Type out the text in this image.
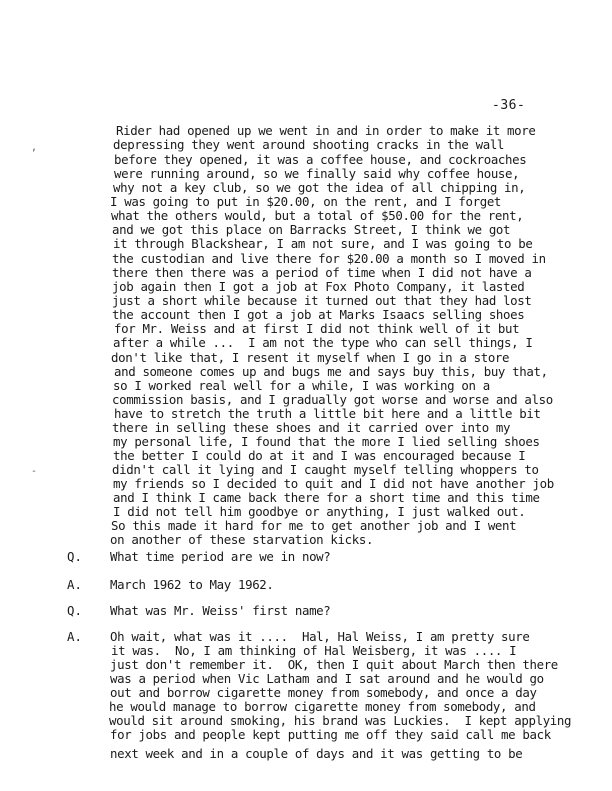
-36-
,
-
Rider had opened up we went in and in order to make it more
depressing they went around shooting cracks in the wall
before they opened, it was a coffee house, and cockroaches
were running around, so we finally said why coffee house,
why not a key club, so we got the idea of all chipping in,
I was going to put in $20.00, on the rent, and I forget
what the others would, but a total of $50.00 for the rent,
and we got this place on Barracks Street, I think we got
it through Blackshear, I am not sure, and I was going to be
the custodian and live there for $20.00 a month so I moved in
there then there was a period of time when I did not have a
job again then I got a job at Fox Photo Company, it lasted
just a short while because it turned out that they had lost
the account then I got a job at Marks Isaacs selling shoes
for Mr. Weiss and at first I did not think well of it but
after a while ...  I am not the type who can sell things, I
don't like that, I resent it myself when I go in a store
and someone comes up and bugs me and says buy this, buy that,
so I worked real well for a while, I was working on a
commission basis, and I gradually got worse and worse and also
have to stretch the truth a little bit here and a little bit
there in selling these shoes and it carried over into my
my personal life, I found that the more I lied selling shoes
the better I could do at it and I was encouraged because I
didn't call it lying and I caught myself telling whoppers to
my friends so I decided to quit and I did not have another job
and I think I came back there for a short time and this time
I did not tell him goodbye or anything, I just walked out.
So this made it hard for me to get another job and I went
on another of these starvation kicks.
Q. What time period are we in now?
A. March 1962 to May 1962.
Q. What was Mr. Weiss' first name?
A. Oh wait, what was it ....  Hal, Hal Weiss, I am pretty sure
it was.  No, I am thinking of Hal Weisberg, it was .... I
just don't remember it.  OK, then I quit about March then there
was a period when Vic Latham and I sat around and he would go
out and borrow cigarette money from somebody, and once a day
he would manage to borrow cigarette money from somebody, and
would sit around smoking, his brand was Luckies.  I kept applying
for jobs and people kept putting me off they said call me back
next week and in a couple of days and it was getting to be
